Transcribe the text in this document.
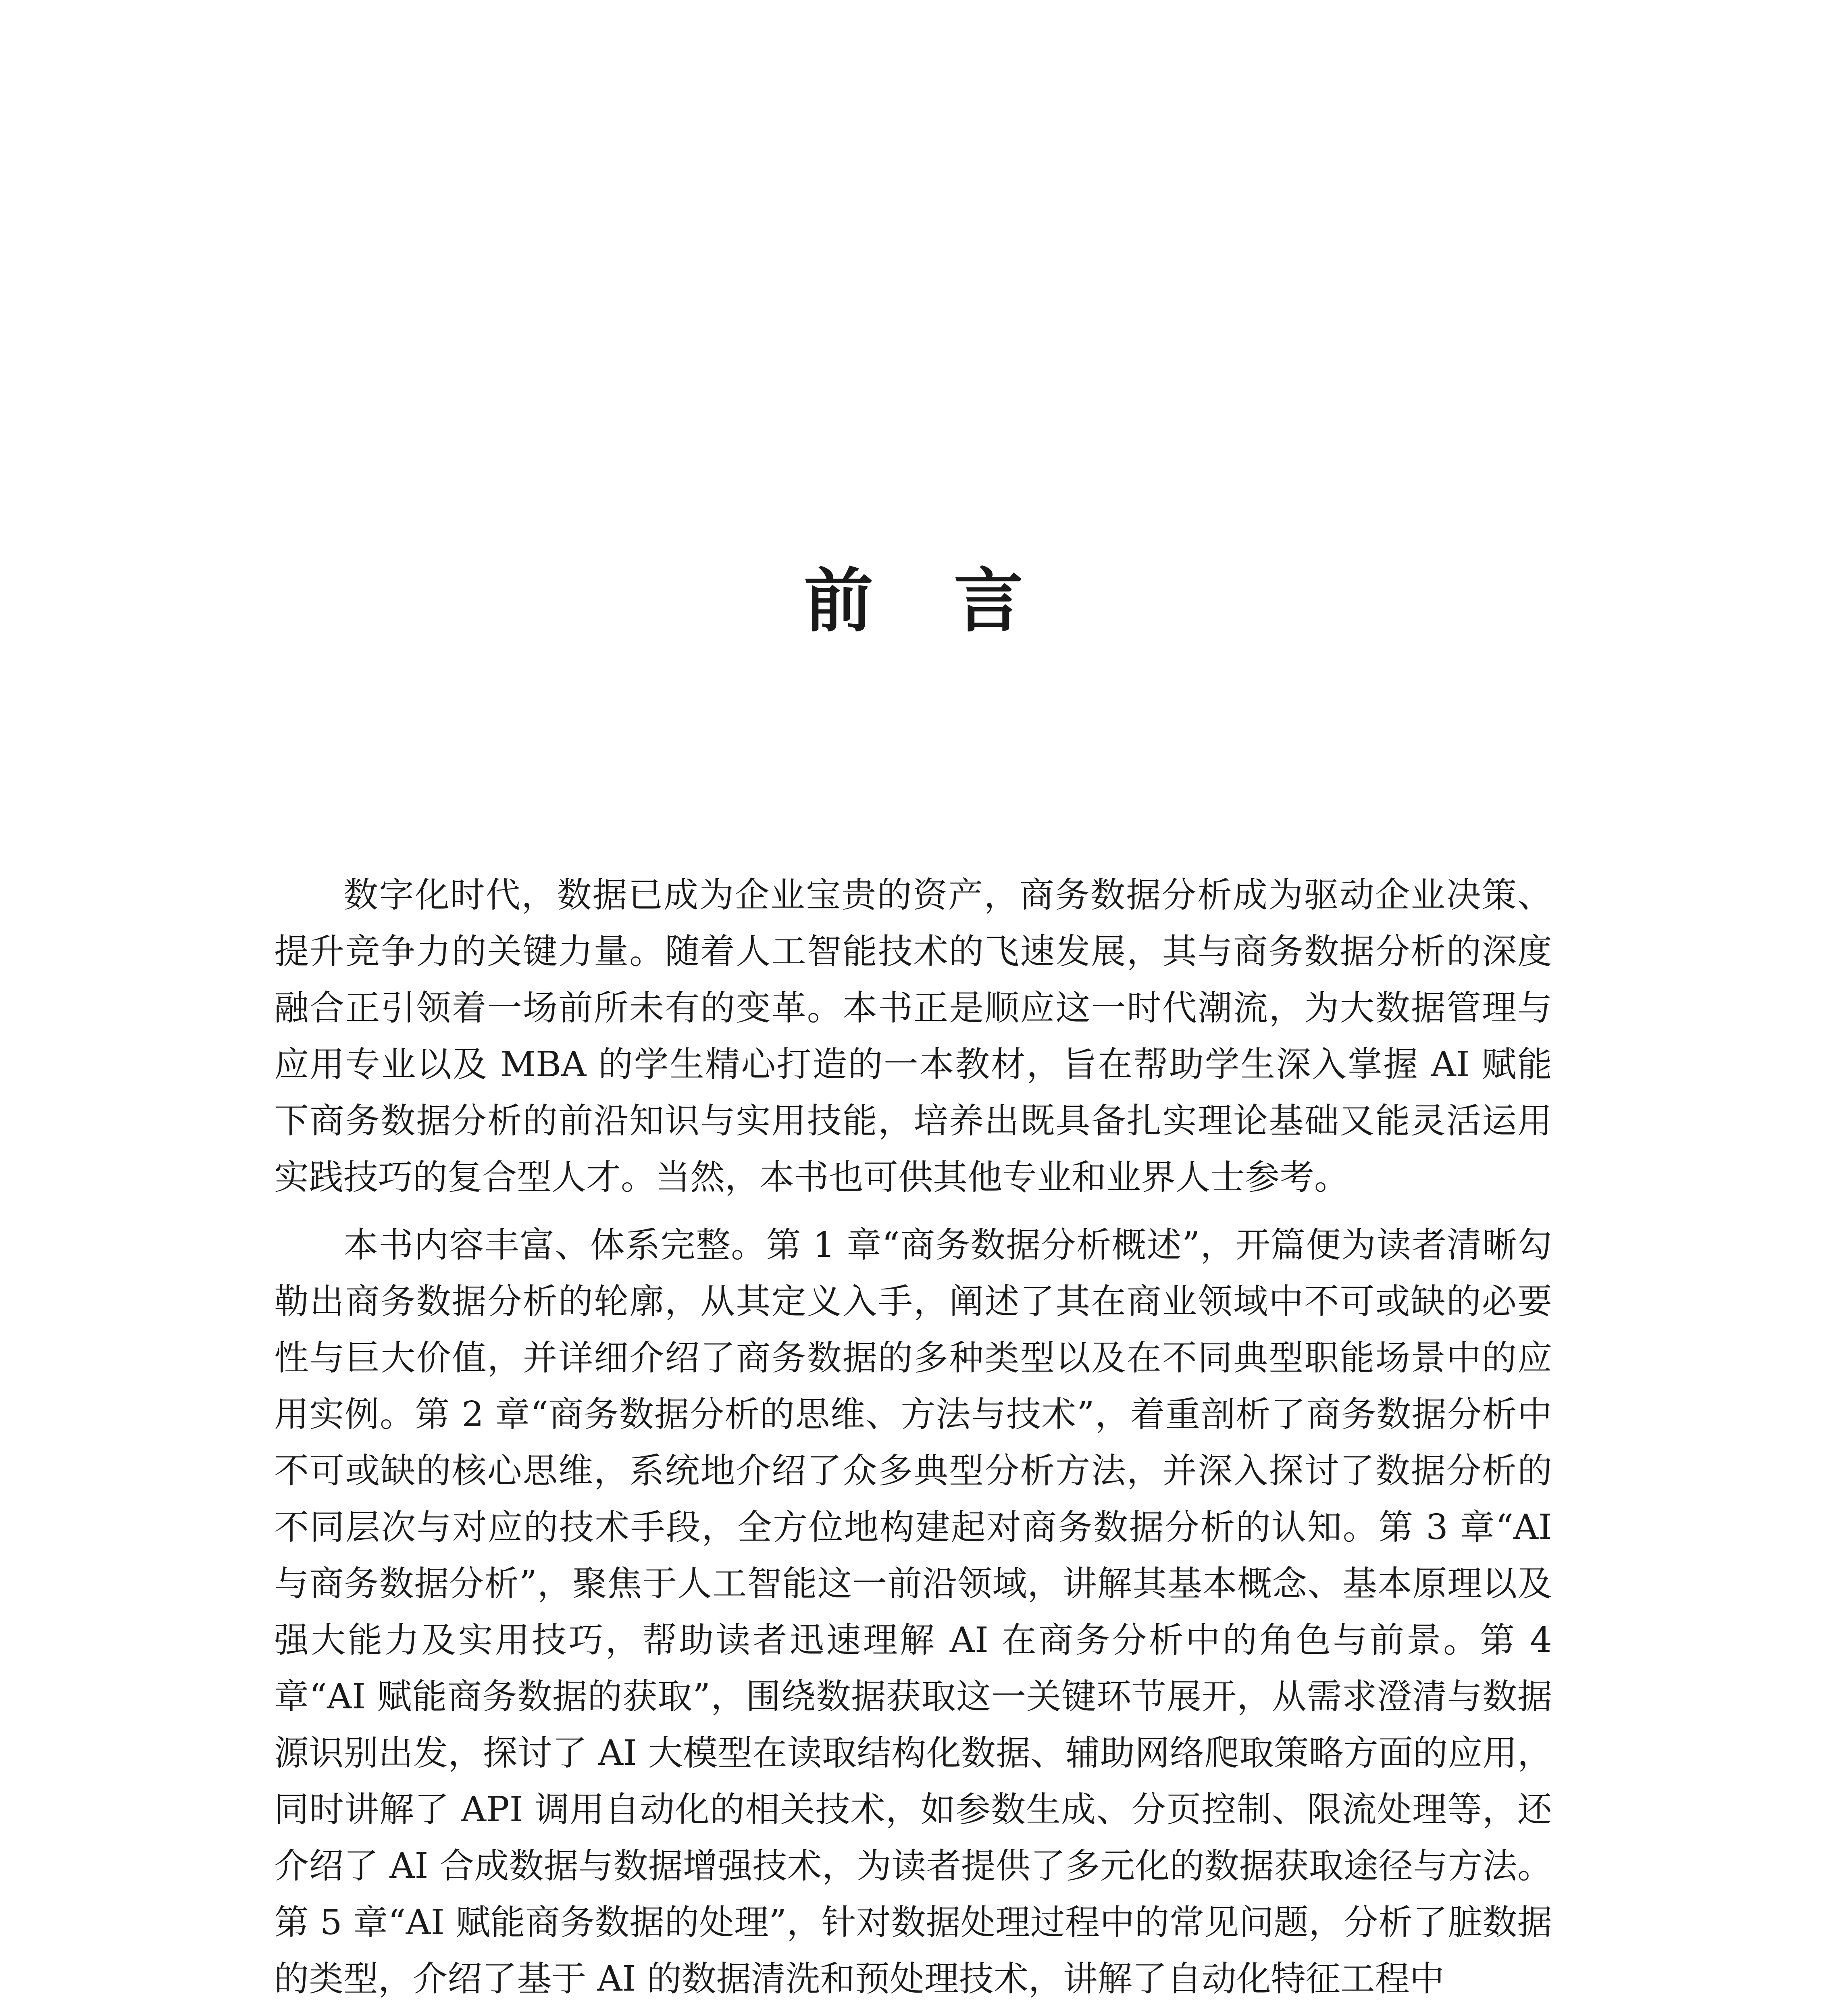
前 言

数字化时代，数据已成为企业宝贵的资产，商务数据分析成为驱动企业决策、提升竞争力的关键力量。随着人工智能技术的飞速发展，其与商务数据分析的深度融合正引领着一场前所未有的变革。本书正是顺应这一时代潮流，为大数据管理与应用专业以及 MBA 的学生精心打造的一本教材，旨在帮助学生深入掌握 AI 赋能下商务数据分析的前沿知识与实用技能，培养出既具备扎实理论基础又能灵活运用实践技巧的复合型人才。当然，本书也可供其他专业和业界人士参考。

本书内容丰富、体系完整。第 1 章“商务数据分析概述”，开篇便为读者清晰勾勒出商务数据分析的轮廓，从其定义入手，阐述了其在商业领域中不可或缺的必要性与巨大价值，并详细介绍了商务数据的多种类型以及在不同典型职能场景中的应用实例。第 2 章“商务数据分析的思维、方法与技术”，着重剖析了商务数据分析中不可或缺的核心思维，系统地介绍了众多典型分析方法，并深入探讨了数据分析的不同层次与对应的技术手段，全方位地构建起对商务数据分析的认知。第 3 章“AI 与商务数据分析”，聚焦于人工智能这一前沿领域，讲解其基本概念、基本原理以及强大能力及实用技巧，帮助读者迅速理解 AI 在商务分析中的角色与前景。第 4 章“AI 赋能商务数据的获取”，围绕数据获取这一关键环节展开，从需求澄清与数据源识别出发，探讨了 AI 大模型在读取结构化数据、辅助网络爬取策略方面的应用，同时讲解了 API 调用自动化的相关技术，如参数生成、分页控制、限流处理等，还介绍了 AI 合成数据与数据增强技术，为读者提供了多元化的数据获取途径与方法。第 5 章“AI 赋能商务数据的处理”，针对数据处理过程中的常见问题，分析了脏数据的类型，介绍了基于 AI 的数据清洗和预处理技术，讲解了自动化特征工程中
